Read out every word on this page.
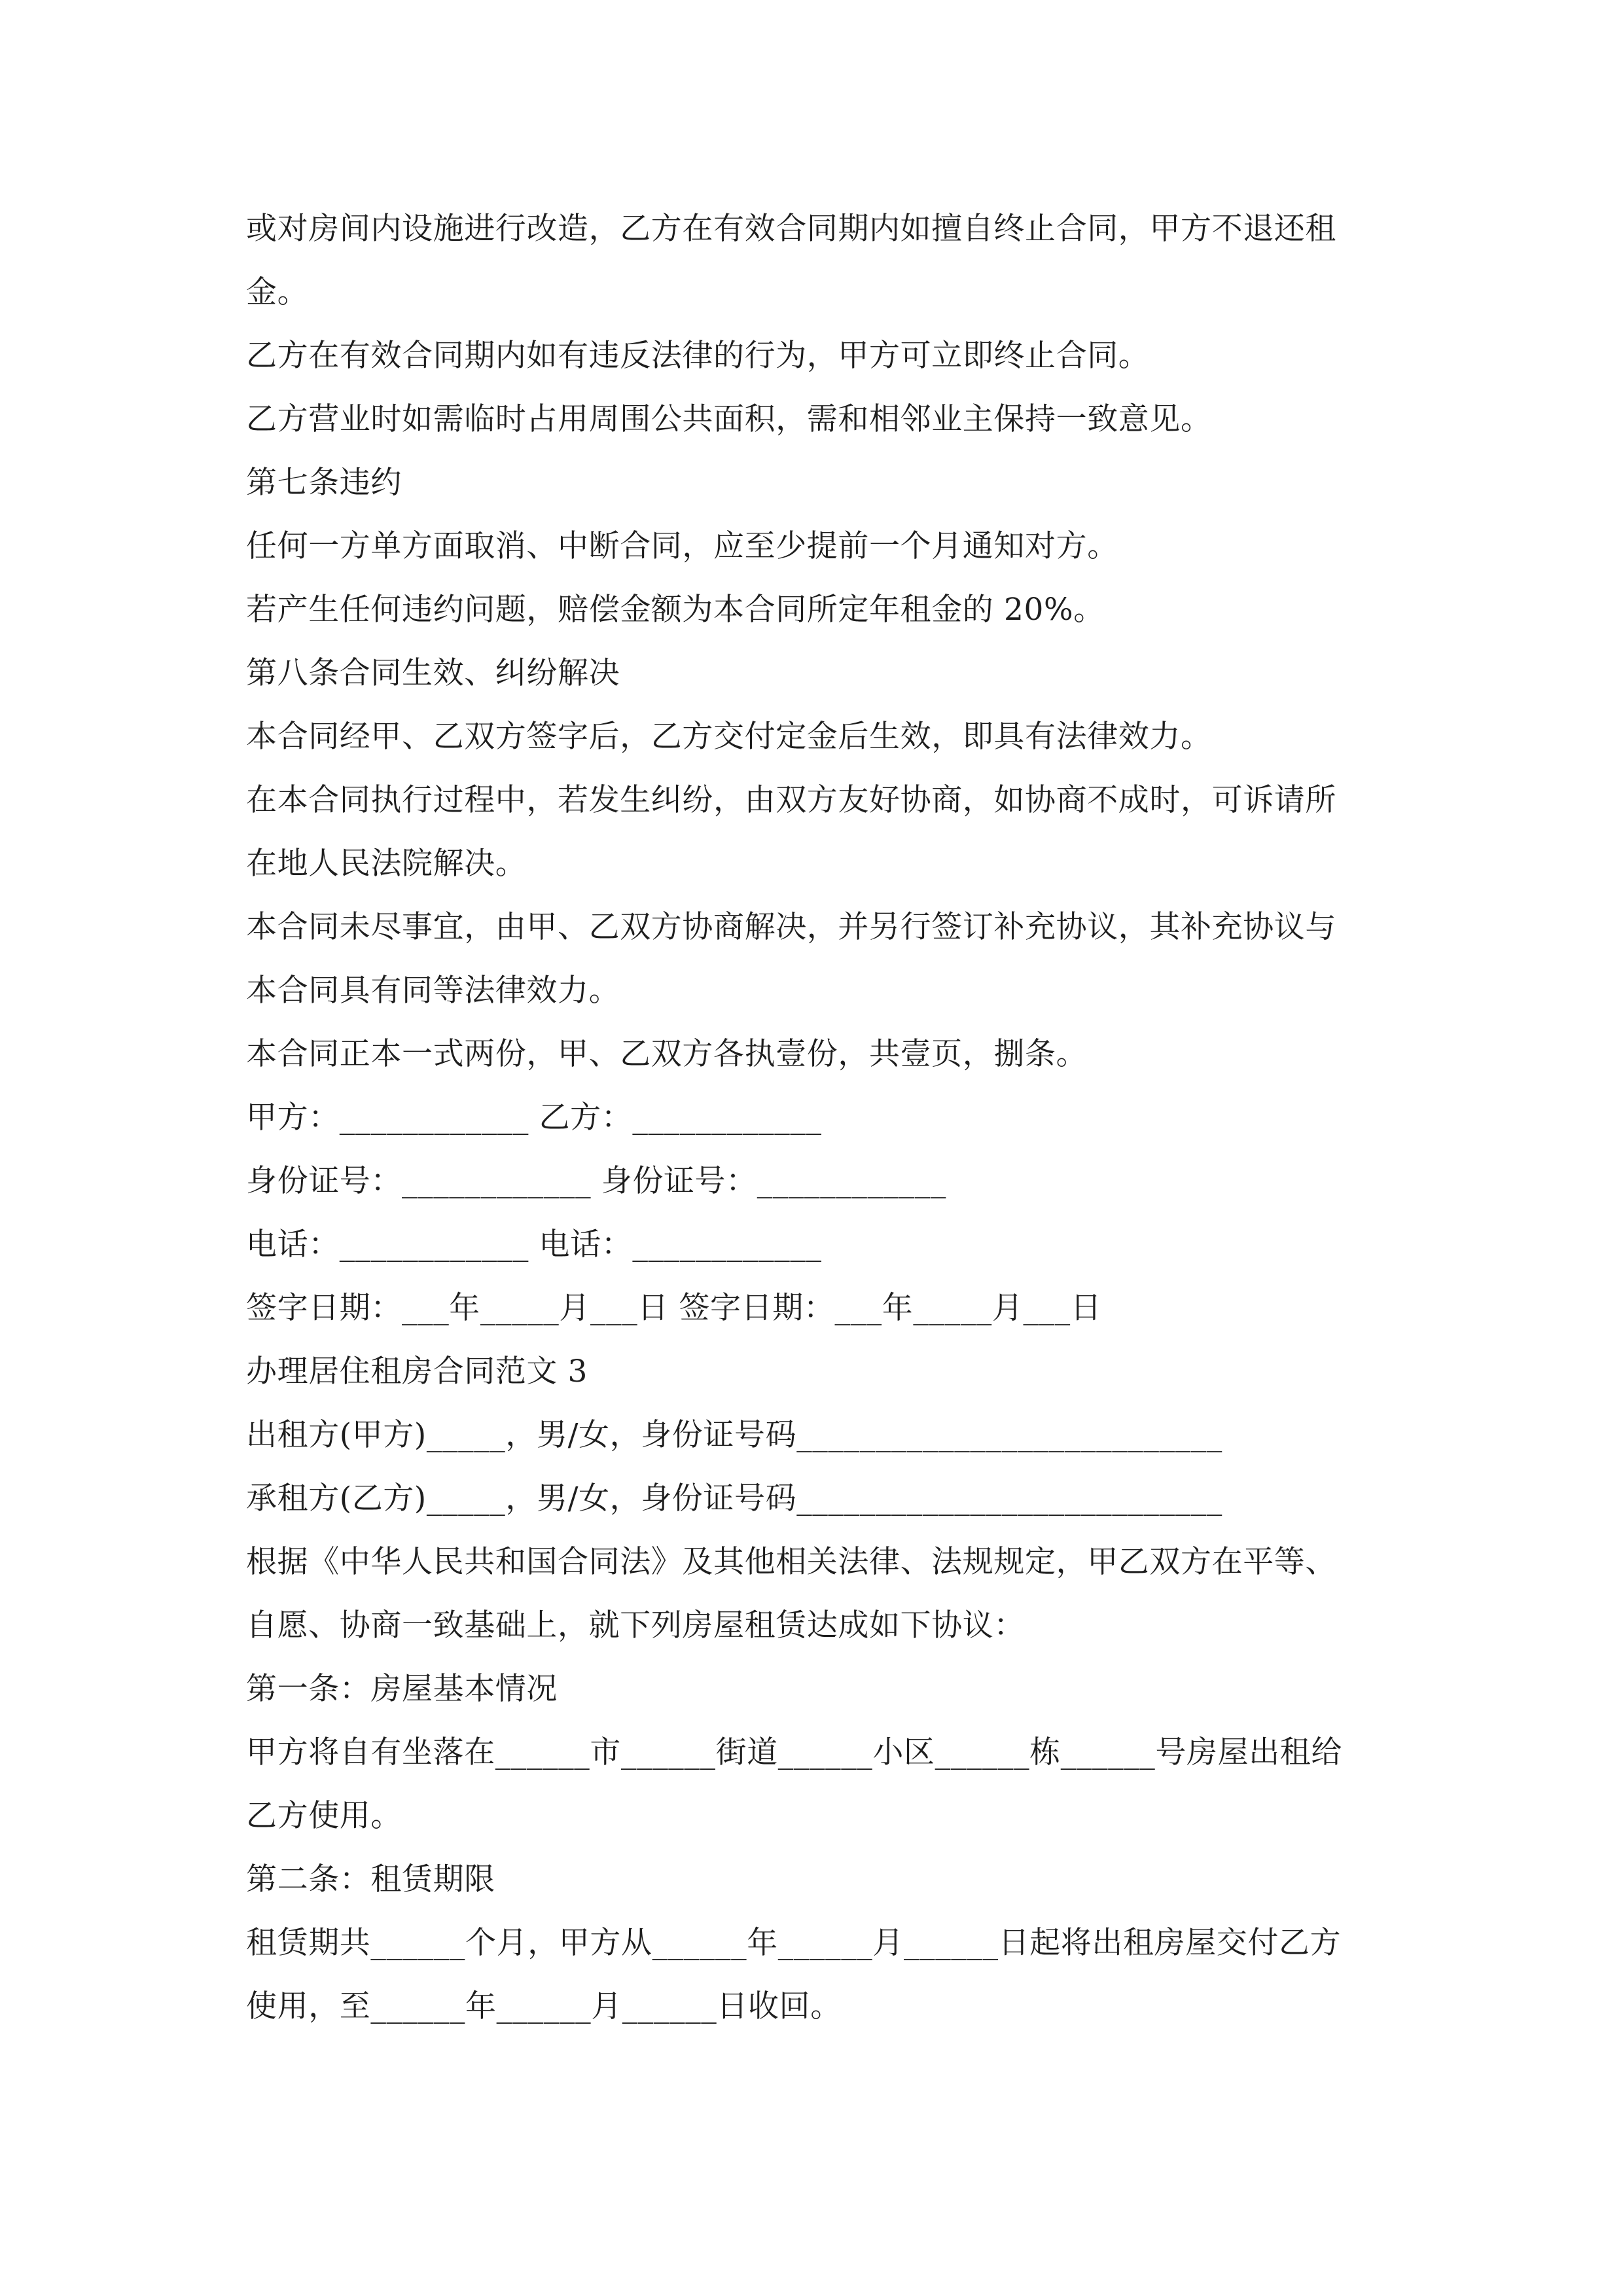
或对房间内设施进行改造，乙方在有效合同期内如擅自终止合同，甲方不退还租

金。

乙方在有效合同期内如有违反法律的行为，甲方可立即终止合同。

乙方营业时如需临时占用周围公共面积，需和相邻业主保持一致意见。

第七条违约

任何一方单方面取消、中断合同，应至少提前一个月通知对方。

若产生任何违约问题，赔偿金额为本合同所定年租金的 20%。

第八条合同生效、纠纷解决

本合同经甲、乙双方签字后，乙方交付定金后生效，即具有法律效力。

在本合同执行过程中，若发生纠纷，由双方友好协商，如协商不成时，可诉请所

在地人民法院解决。

本合同未尽事宜，由甲、乙双方协商解决，并另行签订补充协议，其补充协议与

本合同具有同等法律效力。

本合同正本一式两份，甲、乙双方各执壹份，共壹页，捌条。

甲方：____________ 乙方：____________

身份证号：____________ 身份证号：____________

电话：____________ 电话：____________

签字日期：___年_____月___日 签字日期：___年_____月___日

办理居住租房合同范文 3

出租方(甲方)_____，男/女，身份证号码___________________________

承租方(乙方)_____，男/女，身份证号码___________________________

根据《中华人民共和国合同法》及其他相关法律、法规规定，甲乙双方在平等、

自愿、协商一致基础上，就下列房屋租赁达成如下协议：

第一条：房屋基本情况

甲方将自有坐落在______市______街道______小区______栋______号房屋出租给

乙方使用。

第二条：租赁期限

租赁期共______个月，甲方从______年______月______日起将出租房屋交付乙方

使用，至______年______月______日收回。
